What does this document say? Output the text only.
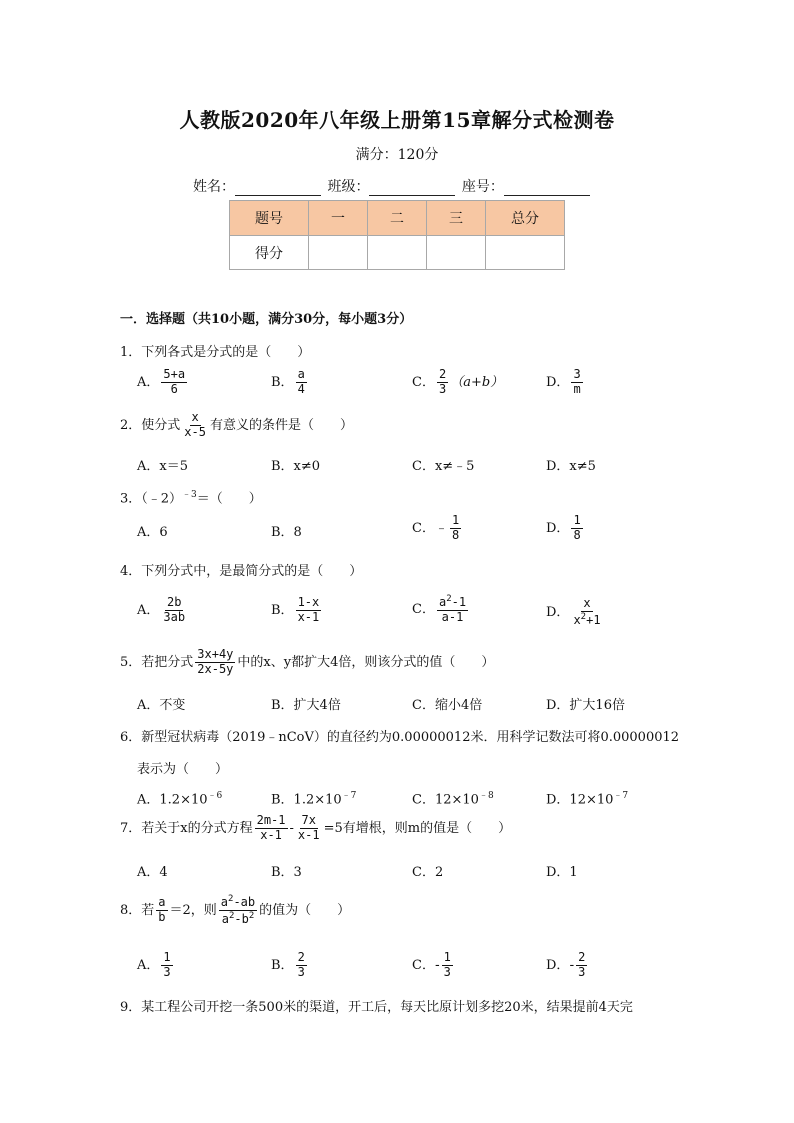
人教版2020年八年级上册第15章解分式检测卷
满分：120分
姓名：	班级：	座号：
题号	一	二	三	总分
得分				
一．选择题（共10小题，满分30分，每小题3分）
1．下列各式是分式的是（　　）
A． $\frac{5+a}{6}$	B． $\frac{a}{4}$	C． $\frac{2}{3} (a+b)$	D． $\frac{3}{m}$
2．使分式 $\frac{x}{x-5}$ 有意义的条件是（　　）
A．x＝5	B．x≠0	C．x≠﹣5	D．x≠5
3．（﹣2）$^{﹣3}$＝（　　）
A．6	B．8	C．﹣ $\frac{1}{8}$	D． $\frac{1}{8}$
4．下列分式中，是最简分式的是（　　）
A． $\frac{2b}{3ab}$	B． $\frac{1-x}{x-1}$	C． $\frac{a^2-1}{a-1}$	D． $\frac{x}{x^2+1}$
5．若把分式 $\frac{3x+4y}{2x-5y}$ 中的x、y都扩大4倍，则该分式的值（　　）
A．不变	B．扩大4倍	C．缩小4倍	D．扩大16倍
6．新型冠状病毒（2019﹣nCoV）的直径约为0.00000012米．用科学记数法可将0.00000012
表示为（　　）
A．$1.2\times 10^{﹣6}$	B．$1.2\times 10^{﹣7}$	C．$12\times 10^{﹣8}$	D．$12\times 10^{﹣7}$
7．若关于x的分式方程 $\frac{2m-1}{x-1} - \frac{7x}{x-1} =5$有增根，则m的值是（　　）
A．4	B．3	C．2	D．1
8．若 $\frac{a}{b} =2$，则 $\frac{a^2-ab}{a^2-b^2}$ 的值为（　　）
A． $\frac{1}{3}$	B． $\frac{2}{3}$	C．- $\frac{1}{3}$	D．- $\frac{2}{3}$
9．某工程公司开挖一条500米的渠道，开工后，每天比原计划多挖20米，结果提前4天完
